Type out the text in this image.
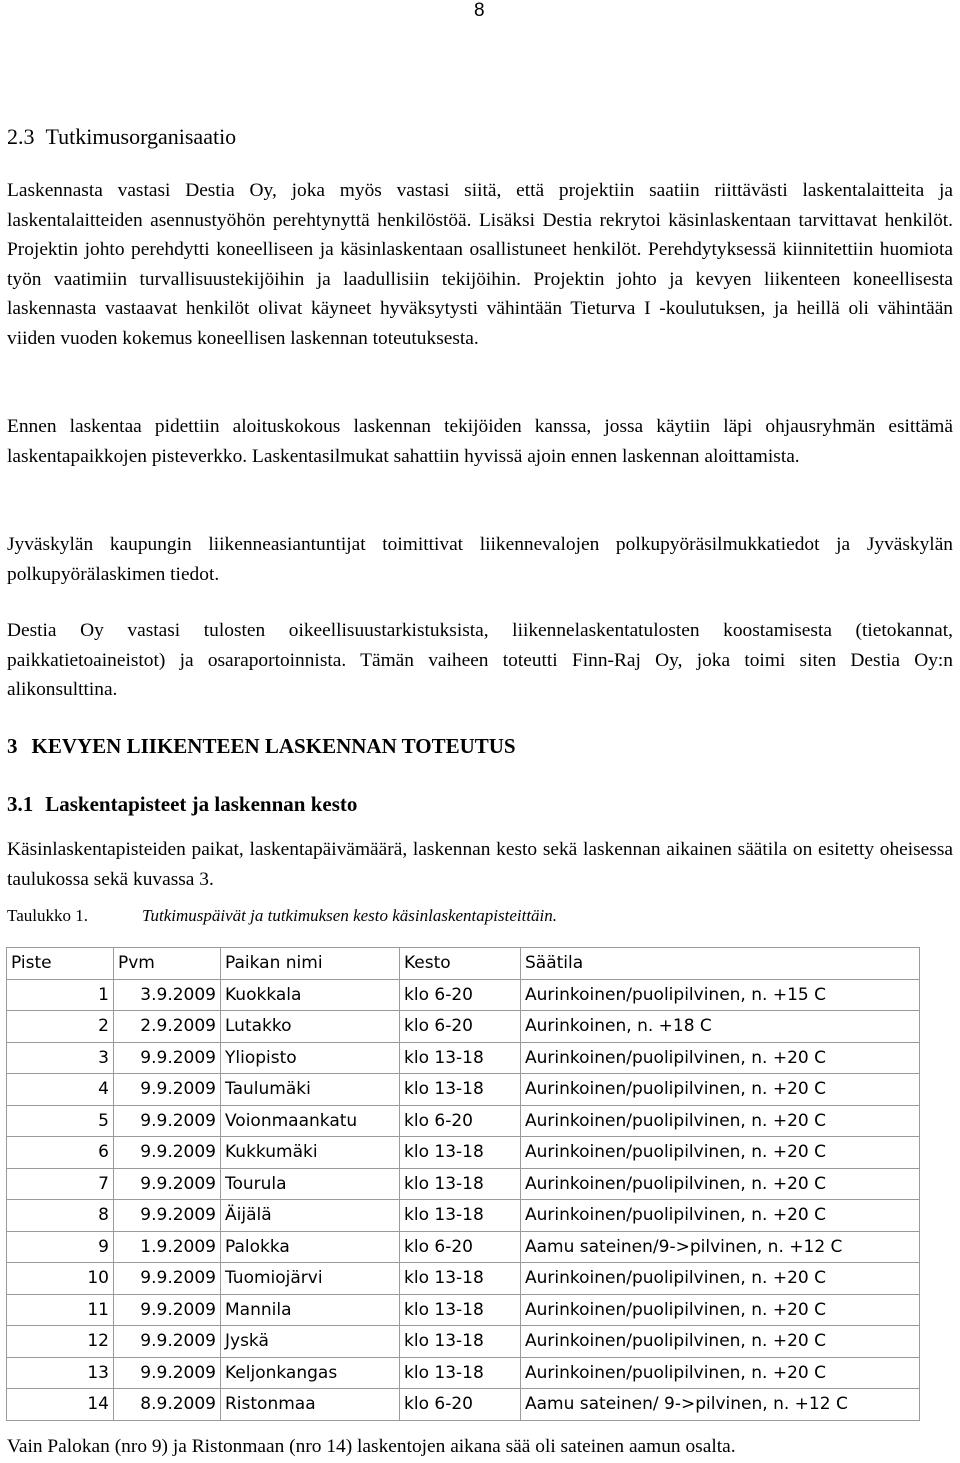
8
2.3 Tutkimusorganisaatio

Laskennasta vastasi Destia Oy, joka myös vastasi siitä, että projektiin saatiin riittävästi laskentalaitteita ja laskentalaitteiden asennustyöhön perehtynyttä henkilöstöä. Lisäksi Destia rekrytoi käsinlaskentaan tarvittavat henkilöt. Projektin johto perehdytti koneelliseen ja käsinlaskentaan osallistuneet henkilöt. Perehdytyksessä kiinnitettiin huomiota työn vaatimiin turvallisuustekijöihin ja laadullisiin tekijöihin. Projektin johto ja kevyen liikenteen koneellisesta laskennasta vastaavat henkilöt olivat käyneet hyväksytysti vähintään Tieturva I -koulutuksen, ja heillä oli vähintään viiden vuoden kokemus koneellisen laskennan toteutuksesta.

Ennen laskentaa pidettiin aloituskokous laskennan tekijöiden kanssa, jossa käytiin läpi ohjausryhmän esittämä laskentapaikkojen pisteverkko. Laskentasilmukat sahattiin hyvissä ajoin ennen laskennan aloittamista.

Jyväskylän kaupungin liikenneasiantuntijat toimittivat liikennevalojen polkupyöräsilmukkatiedot ja Jyväskylän polkupyörälaskimen tiedot.

Destia Oy vastasi tulosten oikeellisuustarkistuksista, liikennelaskentatulosten koostamisesta (tietokannat, paikkatietoaineistot) ja osaraportoinnista. Tämän vaiheen toteutti Finn-Raj Oy, joka toimi siten Destia Oy:n alikonsulttina.

3 KEVYEN LIIKENTEEN LASKENNAN TOTEUTUS
3.1 Laskentapisteet ja laskennan kesto

Käsinlaskentapisteiden paikat, laskentapäivämäärä, laskennan kesto sekä laskennan aikainen säätila on esitetty oheisessa taulukossa sekä kuvassa 3.

Taulukko 1.	Tutkimuspäivät ja tutkimuksen kesto käsinlaskentapisteittäin.
Piste	Pvm	Paikan nimi	Kesto	Säätila
1	3.9.2009	Kuokkala	klo 6-20	Aurinkoinen/puolipilvinen, n. +15 C
2	2.9.2009	Lutakko	klo 6-20	Aurinkoinen, n. +18 C
3	9.9.2009	Yliopisto	klo 13-18	Aurinkoinen/puolipilvinen, n. +20 C
4	9.9.2009	Taulumäki	klo 13-18	Aurinkoinen/puolipilvinen, n. +20 C
5	9.9.2009	Voionmaankatu	klo 6-20	Aurinkoinen/puolipilvinen, n. +20 C
6	9.9.2009	Kukkumäki	klo 13-18	Aurinkoinen/puolipilvinen, n. +20 C
7	9.9.2009	Tourula	klo 13-18	Aurinkoinen/puolipilvinen, n. +20 C
8	9.9.2009	Äijälä	klo 13-18	Aurinkoinen/puolipilvinen, n. +20 C
9	1.9.2009	Palokka	klo 6-20	Aamu sateinen/9->pilvinen, n. +12 C
10	9.9.2009	Tuomiojärvi	klo 13-18	Aurinkoinen/puolipilvinen, n. +20 C
11	9.9.2009	Mannila	klo 13-18	Aurinkoinen/puolipilvinen, n. +20 C
12	9.9.2009	Jyskä	klo 13-18	Aurinkoinen/puolipilvinen, n. +20 C
13	9.9.2009	Keljonkangas	klo 13-18	Aurinkoinen/puolipilvinen, n. +20 C
14	8.9.2009	Ristonmaa	klo 6-20	Aamu sateinen/ 9->pilvinen, n. +12 C

Vain Palokan (nro 9) ja Ristonmaan (nro 14) laskentojen aikana sää oli sateinen aamun osalta.
